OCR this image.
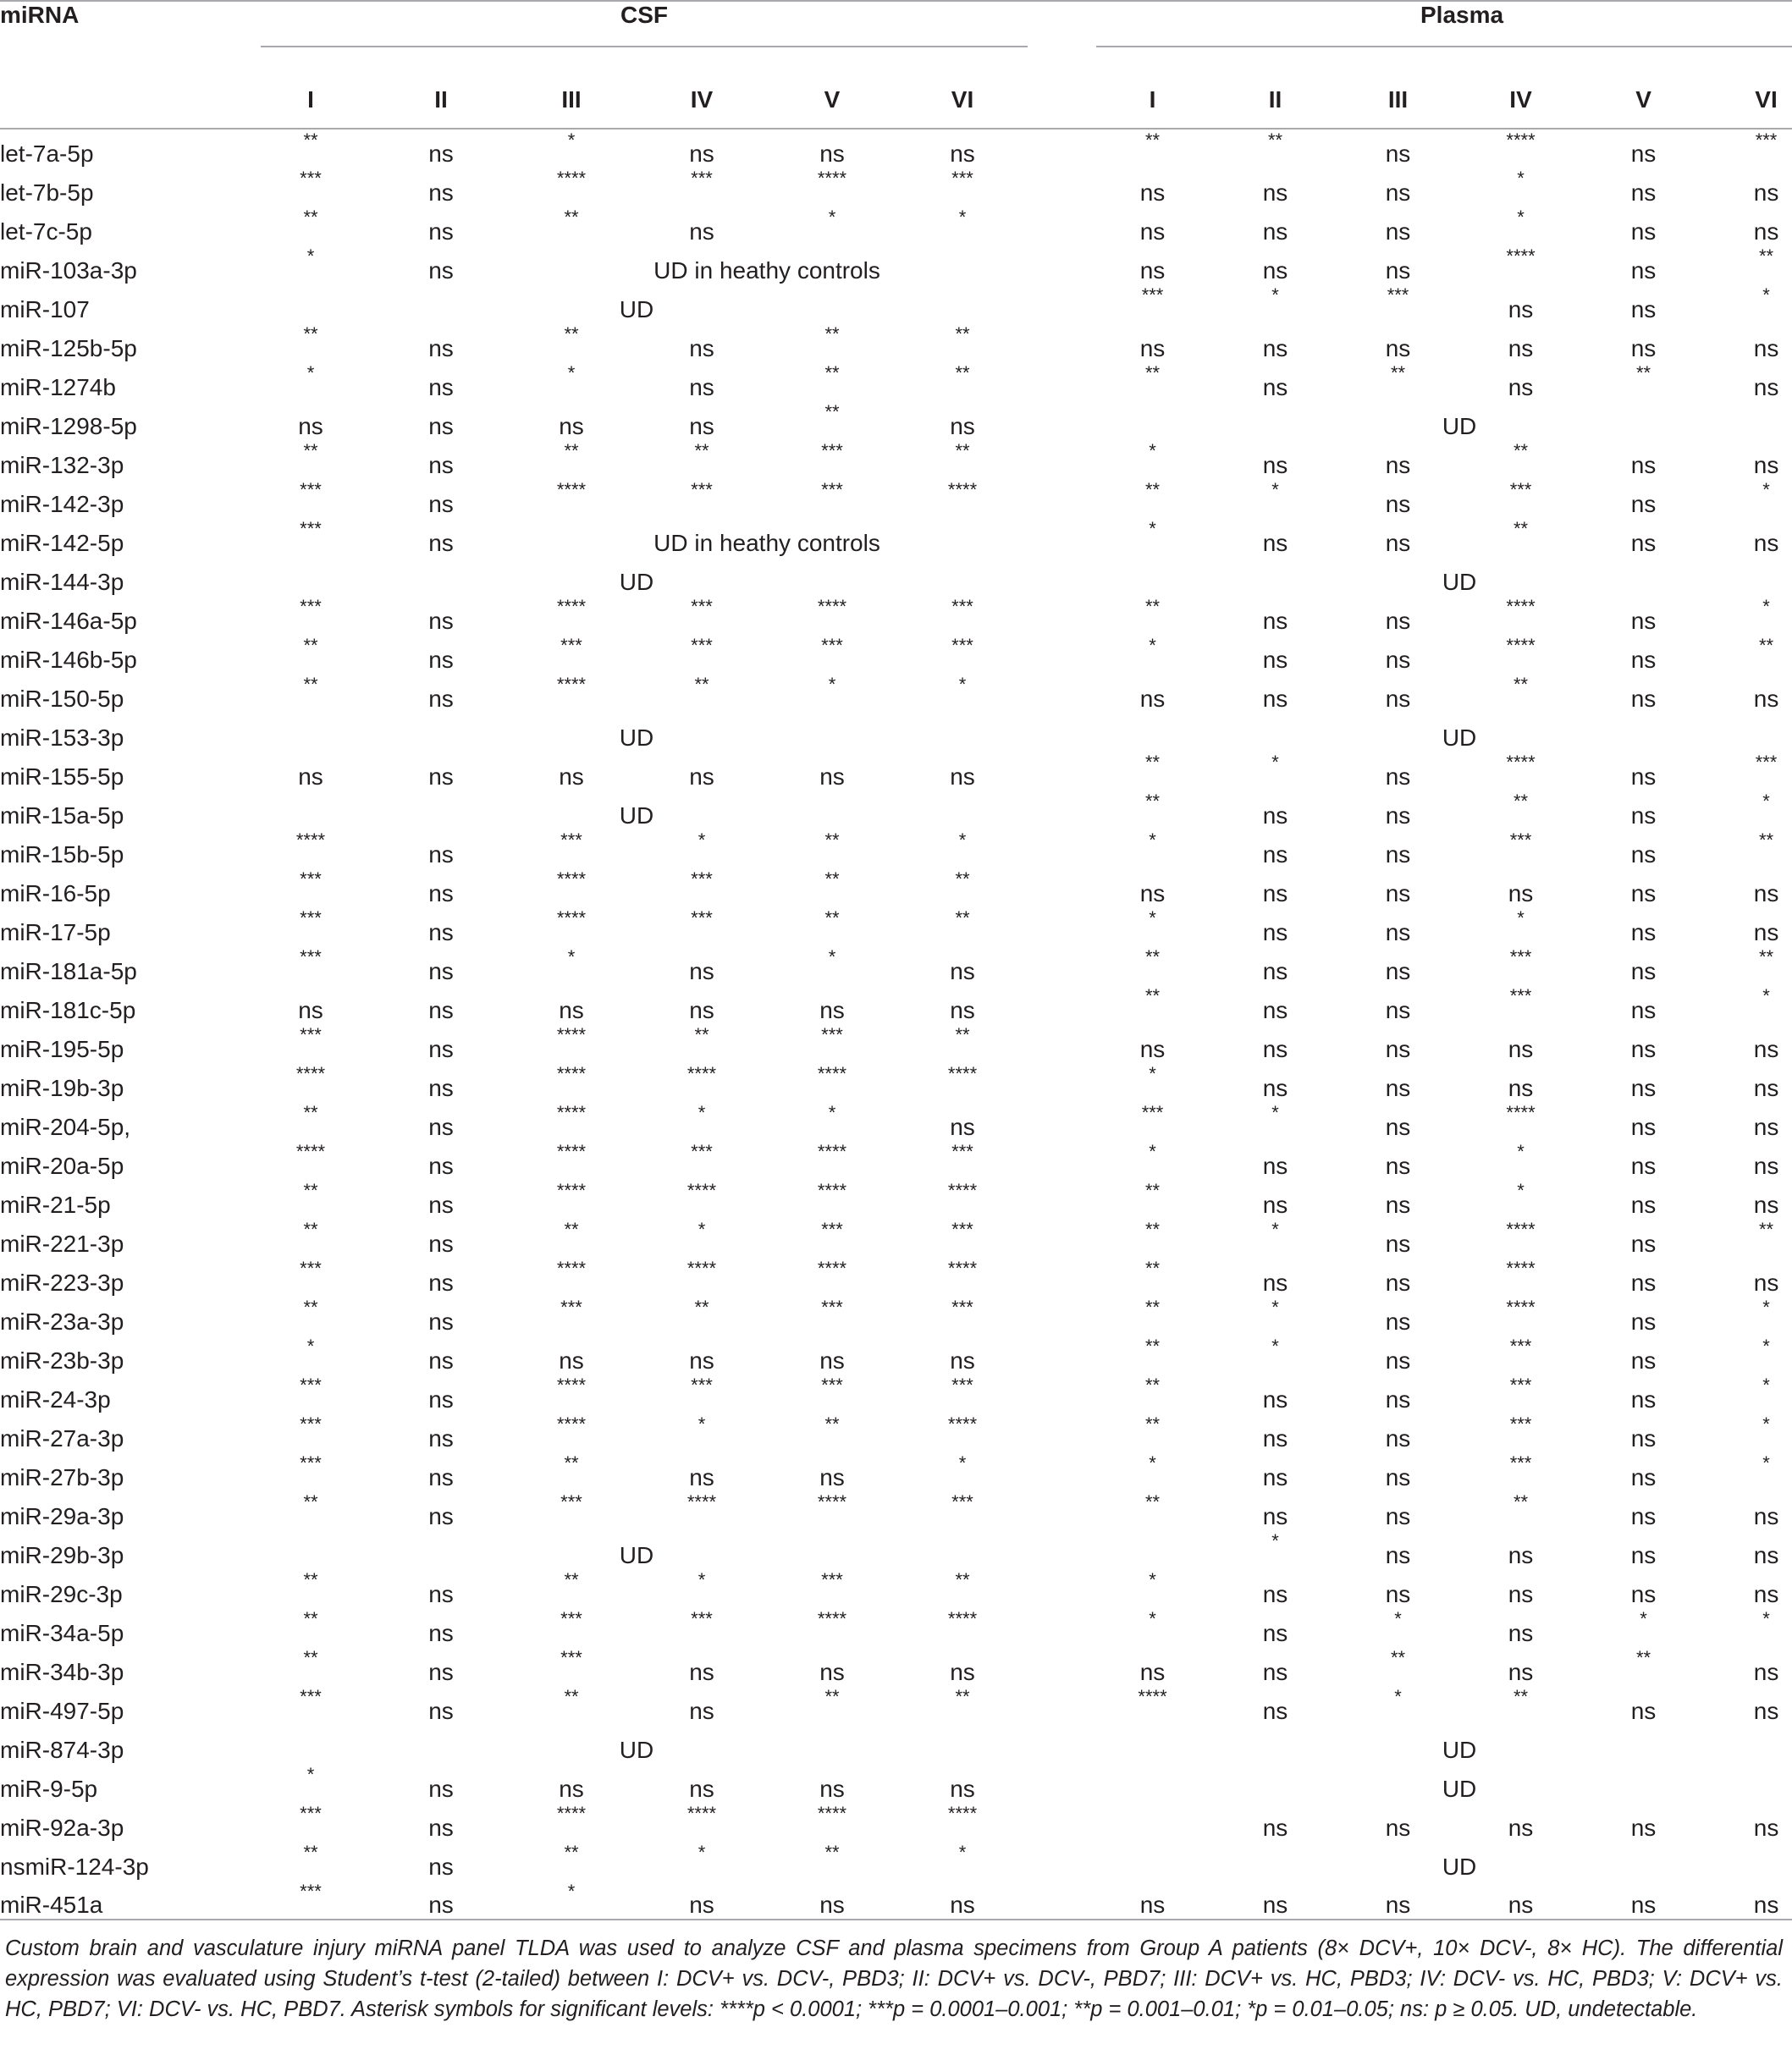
miRNA	CSF							Plasma					

	I	II	III	IV	V	VI		I	II	III	IV	V	VI
let-7a-5p	**	ns	*	ns	ns	ns		**	**	ns	****	ns	***
let-7b-5p	***	ns	****	***	****	***		ns	ns	ns	*	ns	ns
let-7c-5p	**	ns	**	ns	*	*		ns	ns	ns	*	ns	ns
miR-103a-3p	*	ns	UD in heathy controls					ns	ns	ns	****	ns	**
miR-107	UD							***	*	***	ns	ns	*
miR-125b-5p	**	ns	**	ns	**	**		ns	ns	ns	ns	ns	ns
miR-1274b	*	ns	*	ns	**	**		**	ns	**	ns	**	ns
miR-1298-5p	ns	ns	ns	ns	**	ns		UD					
miR-132-3p	**	ns	**	**	***	**		*	ns	ns	**	ns	ns
miR-142-3p	***	ns	****	***	***	****		**	*	ns	***	ns	*
miR-142-5p	***	ns	UD in heathy controls					*	ns	ns	**	ns	ns
miR-144-3p	UD							UD					
miR-146a-5p	***	ns	****	***	****	***		**	ns	ns	****	ns	*
miR-146b-5p	**	ns	***	***	***	***		*	ns	ns	****	ns	**
miR-150-5p	**	ns	****	**	*	*		ns	ns	ns	**	ns	ns
miR-153-3p	UD							UD					
miR-155-5p	ns	ns	ns	ns	ns	ns		**	*	ns	****	ns	***
miR-15a-5p	UD							**	ns	ns	**	ns	*
miR-15b-5p	****	ns	***	*	**	*		*	ns	ns	***	ns	**
miR-16-5p	***	ns	****	***	**	**		ns	ns	ns	ns	ns	ns
miR-17-5p	***	ns	****	***	**	**		*	ns	ns	*	ns	ns
miR-181a-5p	***	ns	*	ns	*	ns		**	ns	ns	***	ns	**
miR-181c-5p	ns	ns	ns	ns	ns	ns		**	ns	ns	***	ns	*
miR-195-5p	***	ns	****	**	***	**		ns	ns	ns	ns	ns	ns
miR-19b-3p	****	ns	****	****	****	****		*	ns	ns	ns	ns	ns
miR-204-5p,	**	ns	****	*	*	ns		***	*	ns	****	ns	ns
miR-20a-5p	****	ns	****	***	****	***		*	ns	ns	*	ns	ns
miR-21-5p	**	ns	****	****	****	****		**	ns	ns	*	ns	ns
miR-221-3p	**	ns	**	*	***	***		**	*	ns	****	ns	**
miR-223-3p	***	ns	****	****	****	****		**	ns	ns	****	ns	ns
miR-23a-3p	**	ns	***	**	***	***		**	*	ns	****	ns	*
miR-23b-3p	*	ns	ns	ns	ns	ns		**	*	ns	***	ns	*
miR-24-3p	***	ns	****	***	***	***		**	ns	ns	***	ns	*
miR-27a-3p	***	ns	****	*	**	****		**	ns	ns	***	ns	*
miR-27b-3p	***	ns	**	ns	ns	*		*	ns	ns	***	ns	*
miR-29a-3p	**	ns	***	****	****	***		**	ns	ns	**	ns	ns
miR-29b-3p	UD								*	ns	ns	ns	ns
miR-29c-3p	**	ns	**	*	***	**		*	ns	ns	ns	ns	ns
miR-34a-5p	**	ns	***	***	****	****		*	ns	*	ns	*	*
miR-34b-3p	**	ns	***	ns	ns	ns		ns	ns	**	ns	**	ns
miR-497-5p	***	ns	**	ns	**	**		****	ns	*	**	ns	ns
miR-874-3p	UD							UD					
miR-9-5p	*	ns	ns	ns	ns	ns		UD					
miR-92a-3p	***	ns	****	****	****	****			ns	ns	ns	ns	ns
nsmiR-124-3p	**	ns	**	*	**	*		UD					
miR-451a	***	ns	*	ns	ns	ns		ns	ns	ns	ns	ns	ns
Custom brain and vasculature injury miRNA panel TLDA was used to analyze CSF and plasma specimens from Group A patients (8× DCV+, 10× DCV-, 8× HC). The differential expression was evaluated using Student’s t-test (2-tailed) between I: DCV+ vs. DCV-, PBD3; II: DCV+ vs. DCV-, PBD7; III: DCV+ vs. HC, PBD3; IV: DCV- vs. HC, PBD3; V: DCV+ vs. HC, PBD7; VI: DCV- vs. HC, PBD7. Asterisk symbols for significant levels: ****p < 0.0001; ***p = 0.0001–0.001; **p = 0.001–0.01; *p = 0.01–0.05; ns: p ≥ 0.05. UD, undetectable.
